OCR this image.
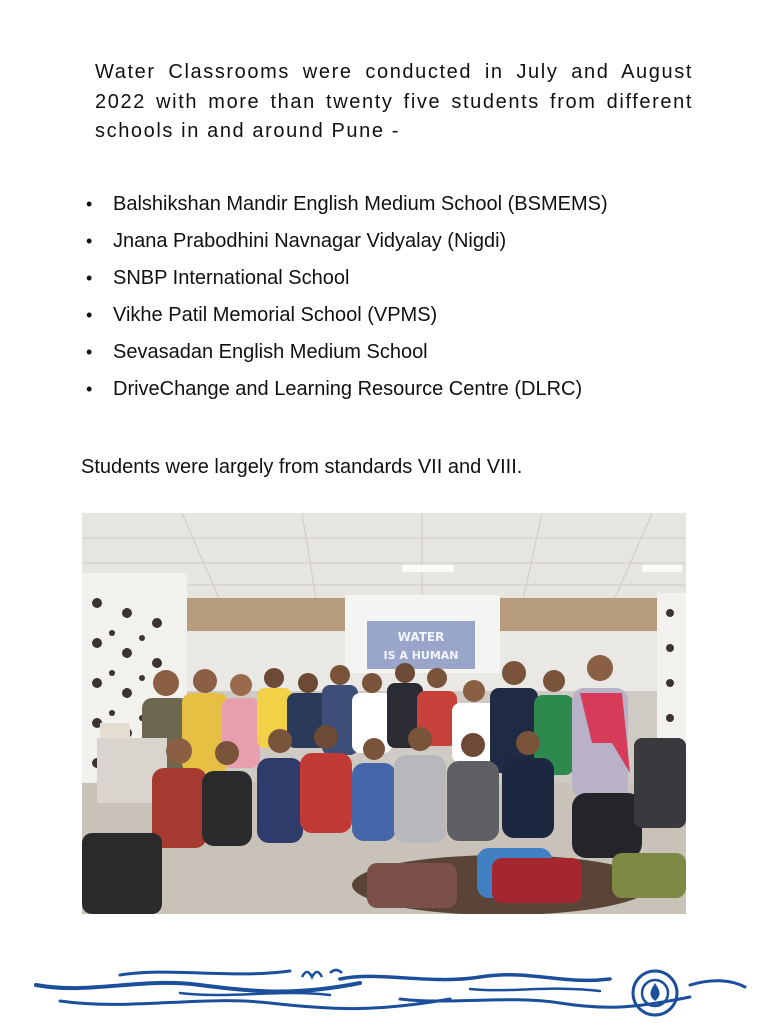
Water Classrooms were conducted in July and August 2022 with more than twenty five students from different schools in and around Pune -

• Balshikshan Mandir English Medium School (BSMEMS)
• Jnana Prabodhini Navnagar Vidyalay (Nigdi)
• SNBP International School
• Vikhe Patil Memorial School (VPMS)
• Sevasadan English Medium School
• DriveChange and Learning Resource Centre (DLRC)

Students were largely from standards VII and VIII.

WATER
IS A HUMAN
